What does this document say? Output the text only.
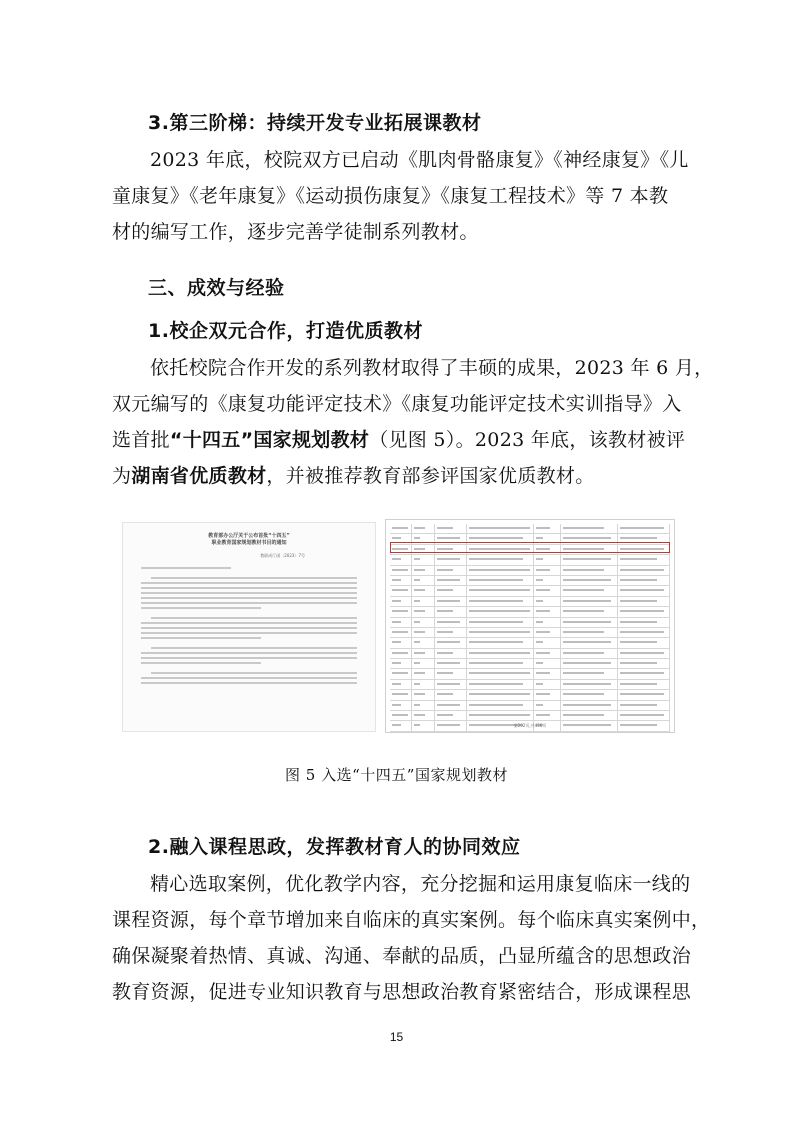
3.第三阶梯：持续开发专业拓展课教材
2023 年底，校院双方已启动《肌肉骨骼康复》《神经康复》《儿
童康复》《老年康复》《运动损伤康复》《康复工程技术》等 7 本教
材的编写工作，逐步完善学徒制系列教材。
三、成效与经验
1.校企双元合作，打造优质教材
依托校院合作开发的系列教材取得了丰硕的成果，2023 年 6 月，
双元编写的《康复功能评定技术》《康复功能评定技术实训指导》入
选首批“十四五”国家规划教材（见图 5）。2023 年底，该教材被评
为湖南省优质教材，并被推荐教育部参评国家优质教材。
教育部办公厅关于公布首批“十四五”
职业教育国家规划教材书目的通知
教职成厅函〔2023〕7号
第202页,共436页
图 5 入选“十四五”国家规划教材
2.融入课程思政，发挥教材育人的协同效应
精心选取案例，优化教学内容，充分挖掘和运用康复临床一线的
课程资源，每个章节增加来自临床的真实案例。每个临床真实案例中，
确保凝聚着热情、真诚、沟通、奉献的品质，凸显所蕴含的思想政治
教育资源，促进专业知识教育与思想政治教育紧密结合，形成课程思
15
